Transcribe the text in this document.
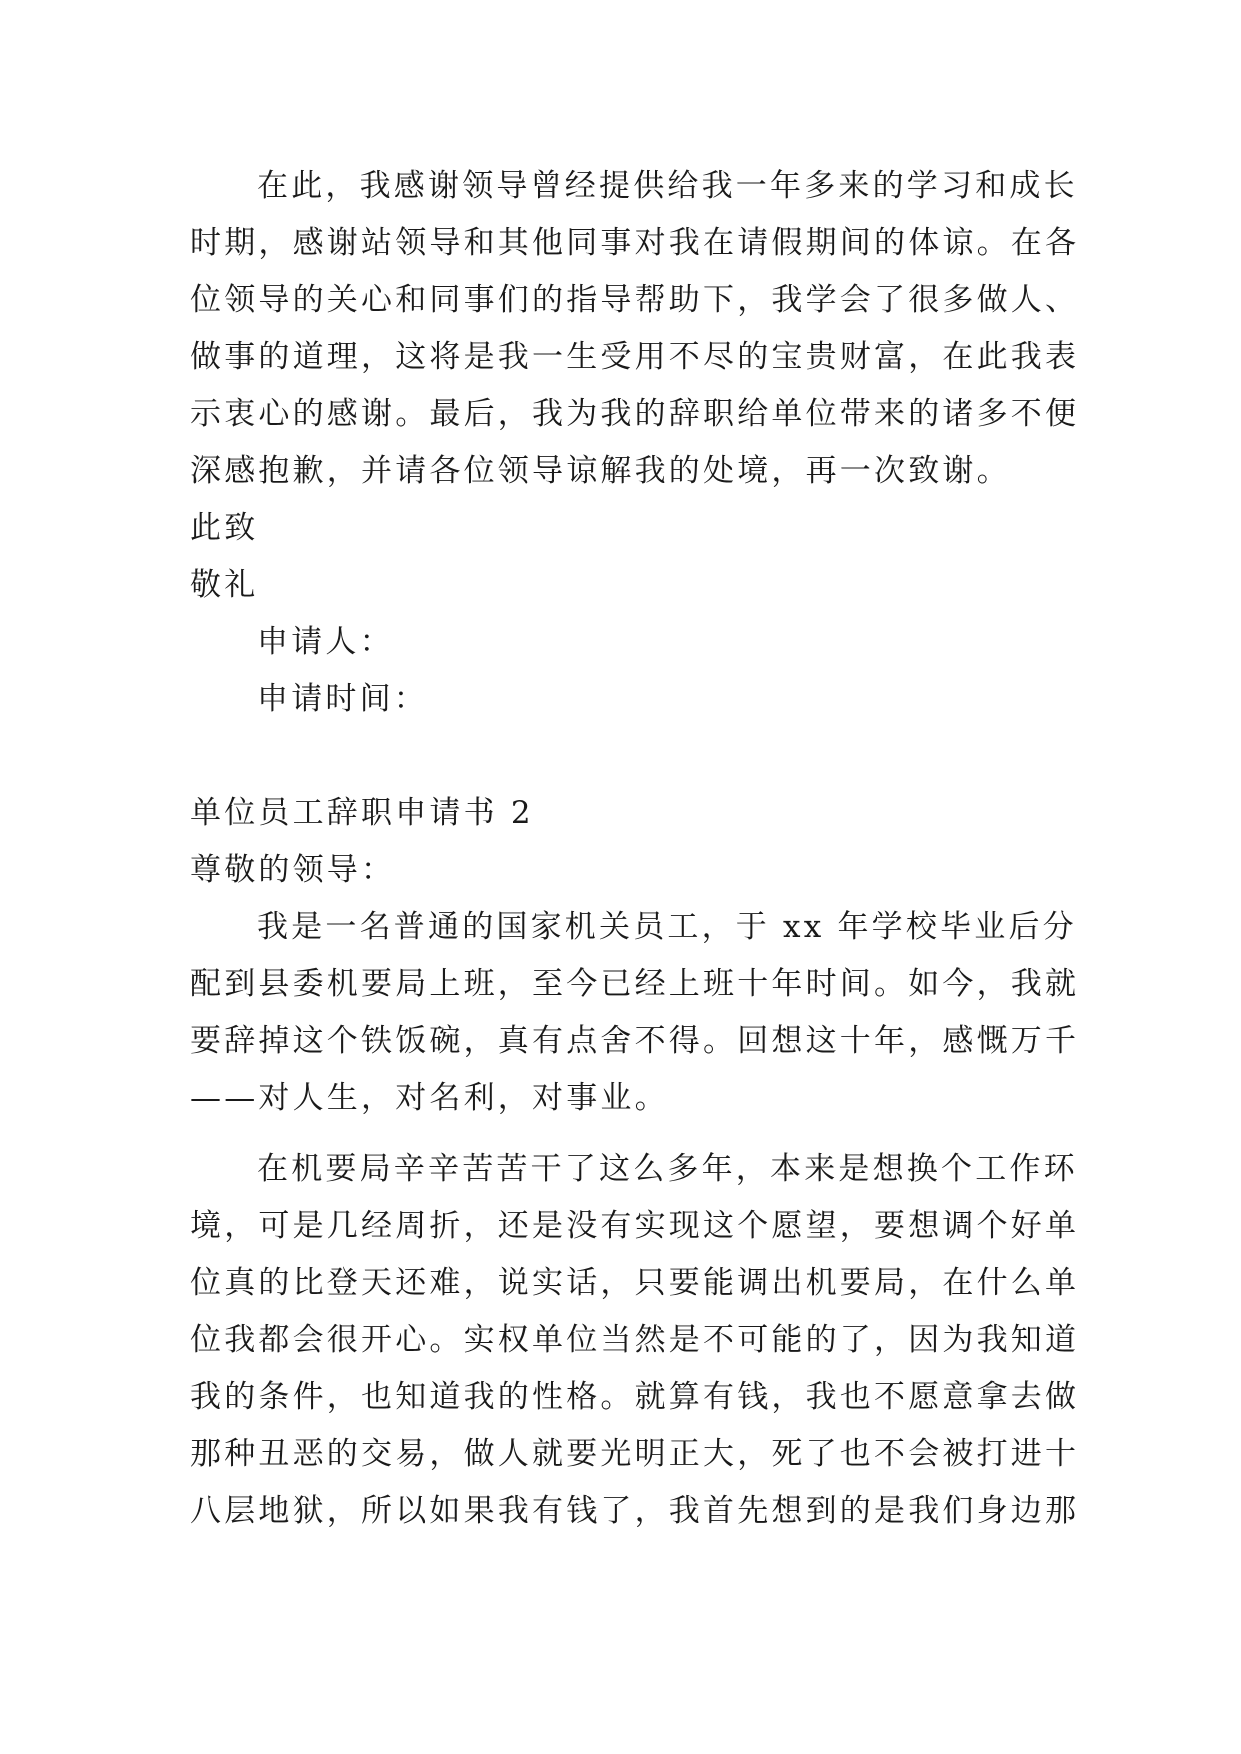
在此，我感谢领导曾经提供给我一年多来的学习和成长
时期，感谢站领导和其他同事对我在请假期间的体谅。在各
位领导的关心和同事们的指导帮助下，我学会了很多做人、
做事的道理，这将是我一生受用不尽的宝贵财富，在此我表
示衷心的感谢。最后，我为我的辞职给单位带来的诸多不便
深感抱歉，并请各位领导谅解我的处境，再一次致谢。
此致
敬礼
申请人：
申请时间：
单位员工辞职申请书 2
尊敬的领导：
我是一名普通的国家机关员工，于 xx 年学校毕业后分
配到县委机要局上班，至今已经上班十年时间。如今，我就
要辞掉这个铁饭碗，真有点舍不得。回想这十年，感慨万千
——对人生，对名利，对事业。
在机要局辛辛苦苦干了这么多年，本来是想换个工作环
境，可是几经周折，还是没有实现这个愿望，要想调个好单
位真的比登天还难，说实话，只要能调出机要局，在什么单
位我都会很开心。实权单位当然是不可能的了，因为我知道
我的条件，也知道我的性格。就算有钱，我也不愿意拿去做
那种丑恶的交易，做人就要光明正大，死了也不会被打进十
八层地狱，所以如果我有钱了，我首先想到的是我们身边那
